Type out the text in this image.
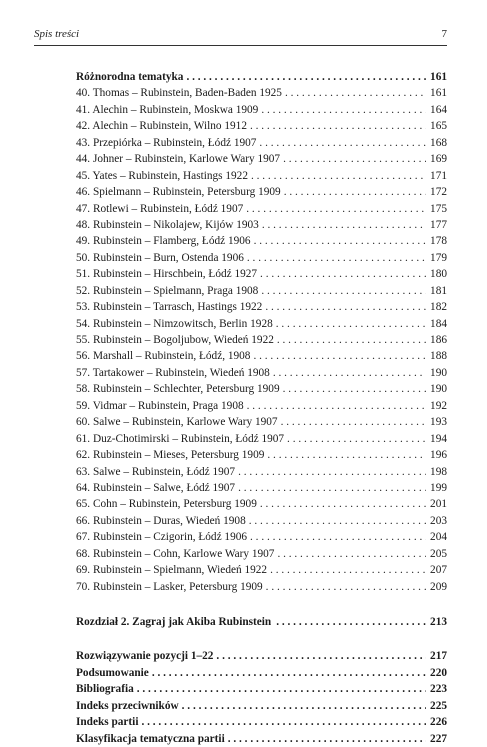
Spis treści	7
Różnorodna tematyka . . .	161
40. Thomas – Rubinstein, Baden-Baden 1925 . . .	161
41. Alechin – Rubinstein, Moskwa 1909 . . .	164
42. Alechin – Rubinstein, Wilno 1912 . . .	165
43. Przepiórka – Rubinstein, Łódź 1907 . . .	168
44. Johner – Rubinstein, Karlowe Wary 1907 . . .	169
45. Yates – Rubinstein, Hastings 1922 . . .	171
46. Spielmann – Rubinstein, Petersburg 1909 . . .	172
47. Rotlewi – Rubinstein, Łódź 1907 . . .	175
48. Rubinstein – Nikolajew, Kijów 1903 . . .	177
49. Rubinstein – Flamberg, Łódź 1906 . . .	178
50. Rubinstein – Burn, Ostenda 1906 . . .	179
51. Rubinstein – Hirschbein, Łódź 1927 . . .	180
52. Rubinstein – Spielmann, Praga 1908 . . .	181
53. Rubinstein – Tarrasch, Hastings 1922 . . .	182
54. Rubinstein – Nimzowitsch, Berlin 1928 . . .	184
55. Rubinstein – Bogoljubow, Wiedeń 1922 . . .	186
56. Marshall – Rubinstein, Łódź, 1908 . . .	188
57. Tartakower – Rubinstein, Wiedeń 1908 . . .	190
58. Rubinstein – Schlechter, Petersburg 1909 . . .	190
59. Vidmar – Rubinstein, Praga 1908 . . .	192
60. Salwe – Rubinstein, Karlowe Wary 1907 . . .	193
61. Duz-Chotimirski – Rubinstein, Łódź 1907 . . .	194
62. Rubinstein – Mieses, Petersburg 1909 . . .	196
63. Salwe – Rubinstein, Łódź 1907 . . .	198
64. Rubinstein – Salwe, Łódź 1907 . . .	199
65. Cohn – Rubinstein, Petersburg 1909 . . .	201
66. Rubinstein – Duras, Wiedeń 1908 . . .	203
67. Rubinstein – Czigorin, Łódź 1906 . . .	204
68. Rubinstein – Cohn, Karlowe Wary 1907 . . .	205
69. Rubinstein – Spielmann, Wiedeń 1922 . . .	207
70. Rubinstein – Lasker, Petersburg 1909 . . .	209
Rozdział 2. Zagraj jak Akiba Rubinstein . . .	213
Rozwiązywanie pozycji 1–22 . . .	217
Podsumowanie . . .	220
Bibliografia . . .	223
Indeks przeciwników . . .	225
Indeks partii . . .	226
Klasyfikacja tematyczna partii . . .	227
